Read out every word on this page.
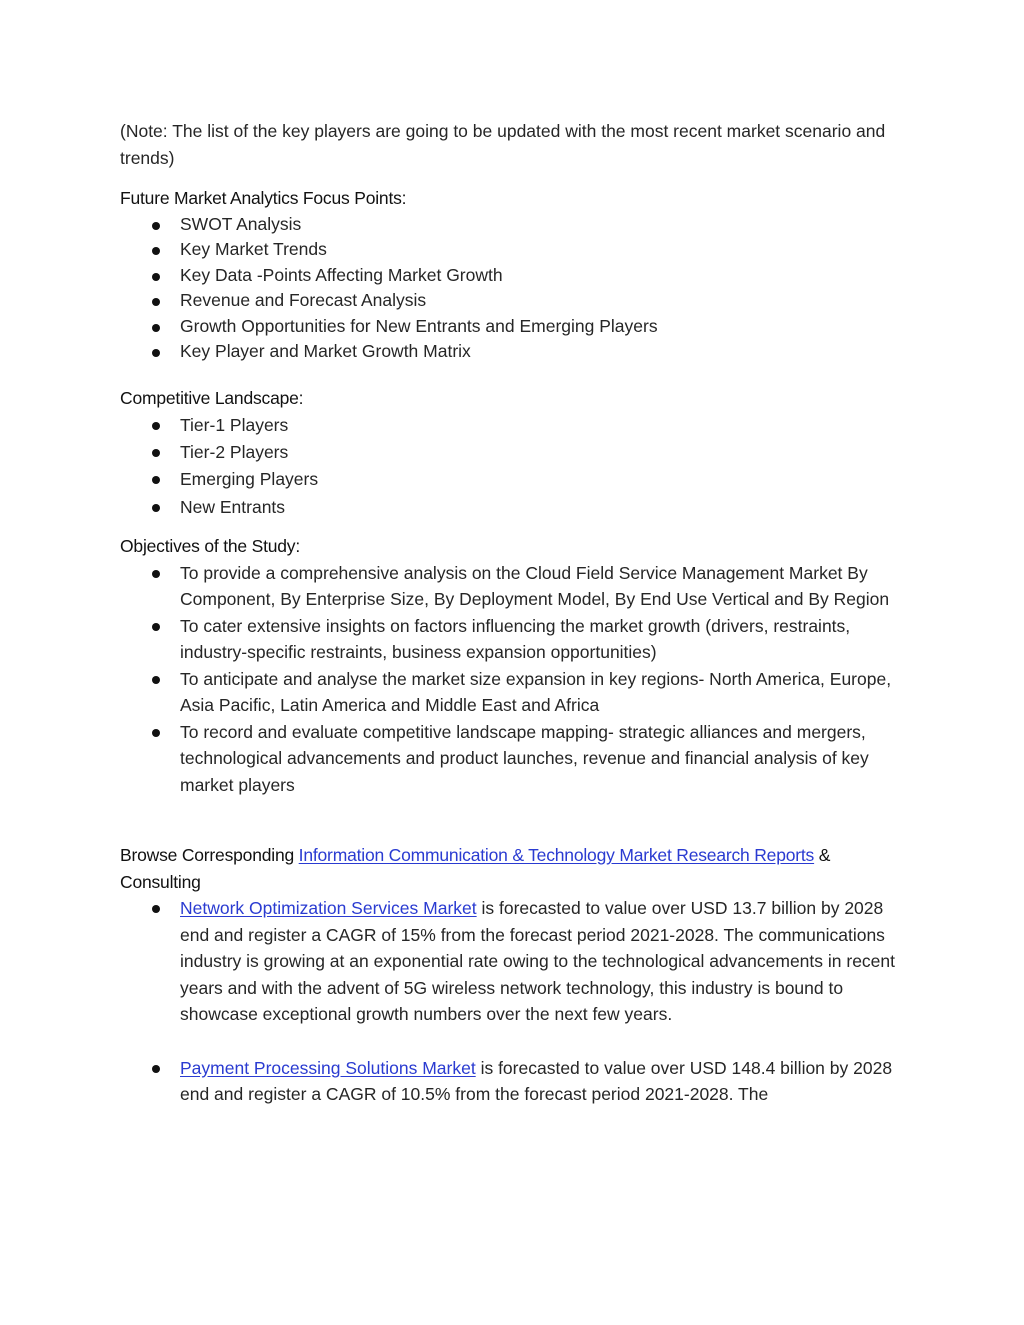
(Note: The list of the key players are going to be updated with the most recent market scenario and trends)

Future Market Analytics Focus Points:

SWOT Analysis
Key Market Trends
Key Data -Points Affecting Market Growth
Revenue and Forecast Analysis
Growth Opportunities for New Entrants and Emerging Players
Key Player and Market Growth Matrix

Competitive Landscape:

Tier-1 Players
Tier-2 Players
Emerging Players
New Entrants

Objectives of the Study:

To provide a comprehensive analysis on the Cloud Field Service Management Market By Component, By Enterprise Size, By Deployment Model, By End Use Vertical and By Region
To cater extensive insights on factors influencing the market growth (drivers, restraints, industry-specific restraints, business expansion opportunities)
To anticipate and analyse the market size expansion in key regions- North America, Europe, Asia Pacific, Latin America and Middle East and Africa
To record and evaluate competitive landscape mapping- strategic alliances and mergers, technological advancements and product launches, revenue and financial analysis of key market players

Browse Corresponding Information Communication & Technology Market Research Reports & Consulting

Network Optimization Services Market is forecasted to value over USD 13.7 billion by 2028 end and register a CAGR of 15% from the forecast period 2021-2028. The communications industry is growing at an exponential rate owing to the technological advancements in recent years and with the advent of 5G wireless network technology, this industry is bound to showcase exceptional growth numbers over the next few years.
Payment Processing Solutions Market is forecasted to value over USD 148.4 billion by 2028 end and register a CAGR of 10.5% from the forecast period 2021-2028. The
